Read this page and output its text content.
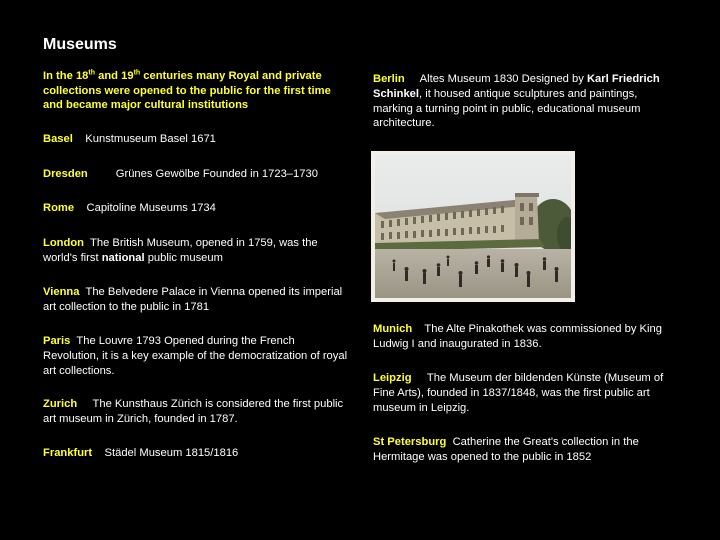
Museums
In the 18th and 19th centuries many Royal and private collections were opened to the public for the first time and became major cultural institutions
Basel Kunstmuseum Basel 1671
Dresden Grünes Gewölbe Founded in 1723–1730
Rome Capitoline Museums 1734
London The British Museum, opened in 1759, was the world's first national public museum
Vienna The Belvedere Palace in Vienna opened its imperial art collection to the public in 1781
Paris The Louvre 1793 Opened during the French Revolution, it is a key example of the democratization of royal art collections.
Zurich The Kunsthaus Zürich is considered the first public art museum in Zürich, founded in 1787.
Frankfurt Städel Museum 1815/1816
Berlin Altes Museum 1830 Designed by Karl Friedrich Schinkel, it housed antique sculptures and paintings, marking a turning point in public, educational museum architecture.
Munich The Alte Pinakothek was commissioned by King Ludwig I and inaugurated in 1836.
Leipzig The Museum der bildenden Künste (Museum of Fine Arts), founded in 1837/1848, was the first public art museum in Leipzig.
St Petersburg Catherine the Great's collection in the Hermitage was opened to the public in 1852
